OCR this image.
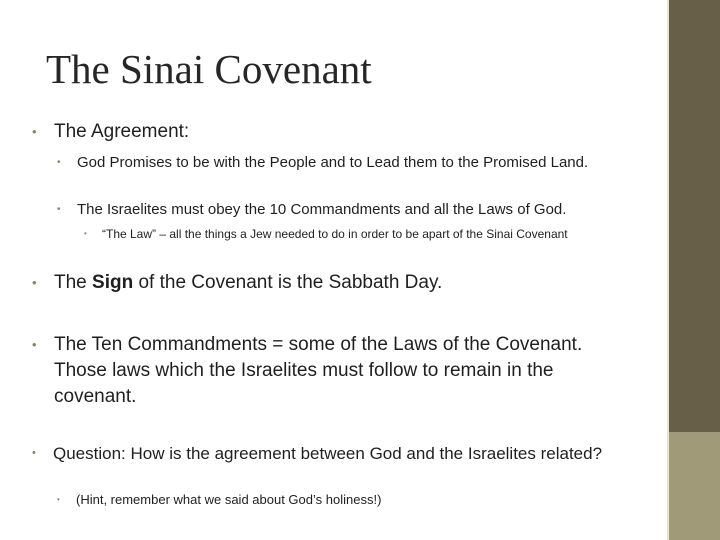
The Sinai Covenant
• The Agreement:
•	God Promises to be with the People and to Lead them to the Promised Land.
•	The Israelites must obey the 10 Commandments and all the Laws of God.
•	“The Law” – all the things a Jew needed to do in order to be apart of the Sinai Covenant
• The Sign of the Covenant is the Sabbath Day.
• The Ten Commandments = some of the Laws of the Covenant. Those laws which the Israelites must follow to remain in the covenant.
•	Question: How is the agreement between God and the Israelites related?
•	(Hint, remember what we said about God’s holiness!)
